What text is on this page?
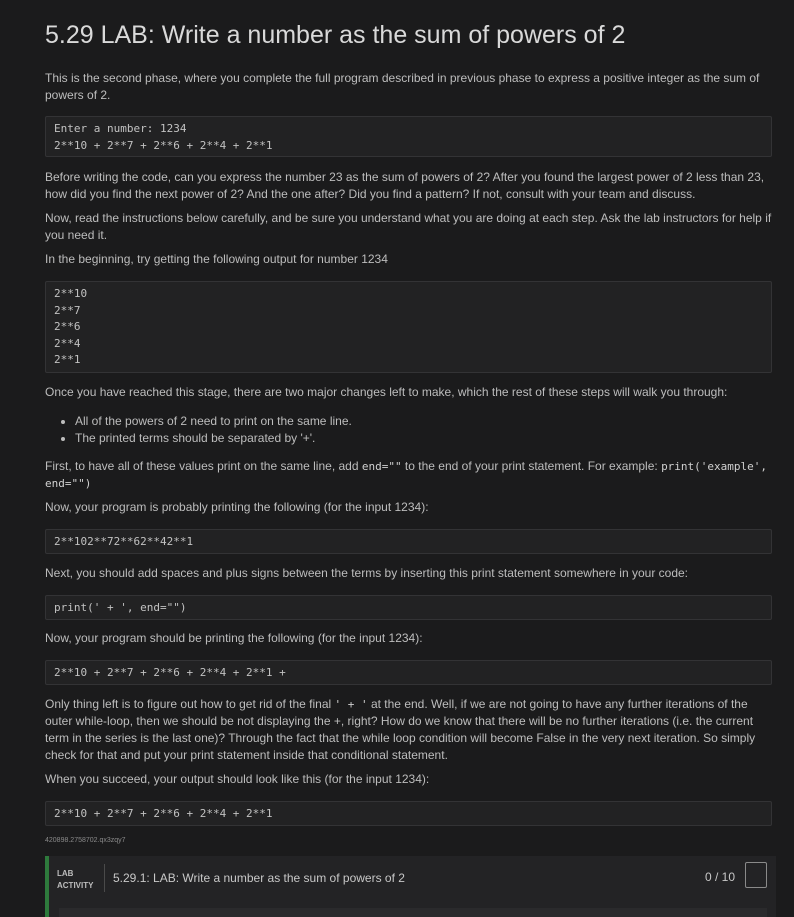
5.29 LAB: Write a number as the sum of powers of 2
This is the second phase, where you complete the full program described in previous phase to express a positive integer as the sum of powers of 2.
Enter a number: 1234
2**10 + 2**7 + 2**6 + 2**4 + 2**1
Before writing the code, can you express the number 23 as the sum of powers of 2? After you found the largest power of 2 less than 23, how did you find the next power of 2? And the one after? Did you find a pattern? If not, consult with your team and discuss.
Now, read the instructions below carefully, and be sure you understand what you are doing at each step. Ask the lab instructors for help if you need it.
In the beginning, try getting the following output for number 1234
2**10
2**7
2**6
2**4
2**1
Once you have reached this stage, there are two major changes left to make, which the rest of these steps will walk you through:
• All of the powers of 2 need to print on the same line.
• The printed terms should be separated by '+'.
First, to have all of these values print on the same line, add end="" to the end of your print statement. For example: print('example',
end="")
Now, your program is probably printing the following (for the input 1234):
2**102**72**62**42**1
Next, you should add spaces and plus signs between the terms by inserting this print statement somewhere in your code:
print(' + ', end="")
Now, your program should be printing the following (for the input 1234):
2**10 + 2**7 + 2**6 + 2**4 + 2**1 +
Only thing left is to figure out how to get rid of the final ' + ' at the end. Well, if we are not going to have any further iterations of the outer while-loop, then we should be not displaying the +, right? How do we know that there will be no further iterations (i.e. the current term in the series is the last one)? Through the fact that the while loop condition will become False in the very next iteration. So simply check for that and put your print statement inside that conditional statement.
When you succeed, your output should look like this (for the input 1234):
2**10 + 2**7 + 2**6 + 2**4 + 2**1
420898.2758702.qx3zqy7
LAB
ACTIVITY
5.29.1: LAB: Write a number as the sum of powers of 2	0 / 10
